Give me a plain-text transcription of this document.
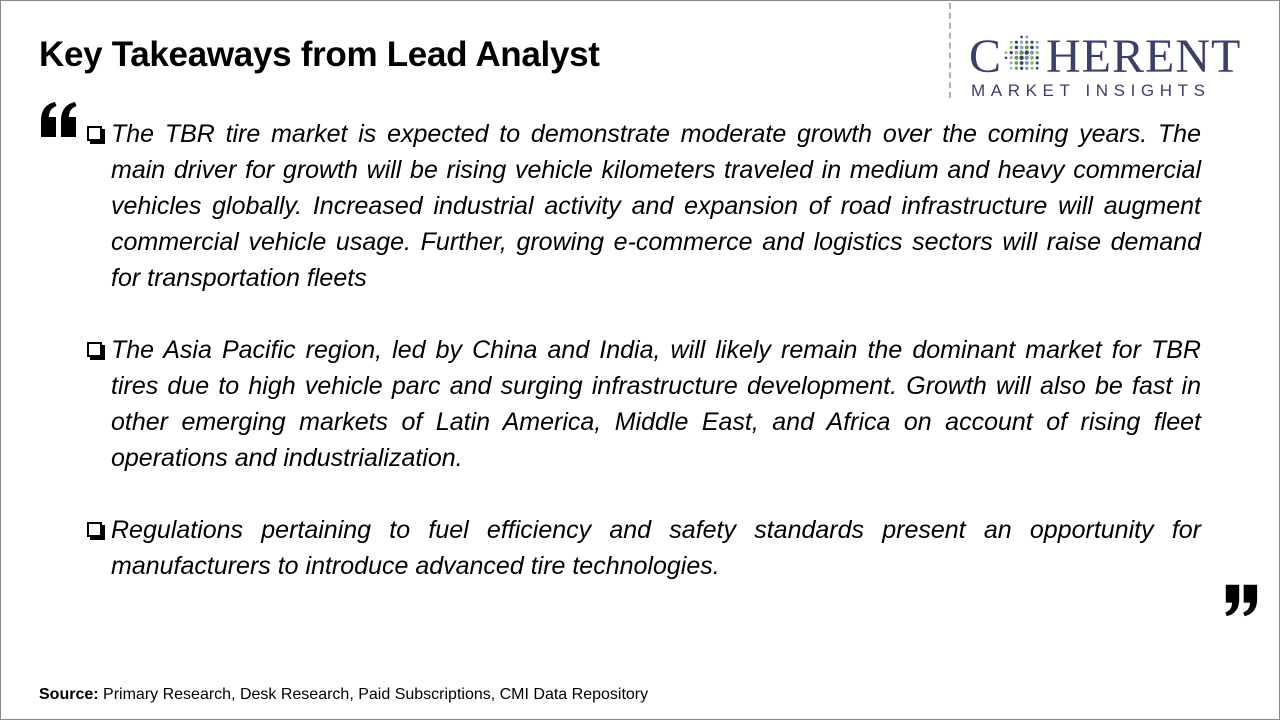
Key Takeaways from Lead Analyst	C HERENT
MARKET INSIGHTS
The TBR tire market is expected to demonstrate moderate growth over the coming years. The main driver for growth will be rising vehicle kilometers traveled in medium and heavy commercial vehicles globally. Increased industrial activity and expansion of road infrastructure will augment commercial vehicle usage. Further, growing e-commerce and logistics sectors will raise demand for transportation fleets
The Asia Pacific region, led by China and India, will likely remain the dominant market for TBR tires due to high vehicle parc and surging infrastructure development. Growth will also be fast in other emerging markets of Latin America, Middle East, and Africa on account of rising fleet operations and industrialization.
Regulations pertaining to fuel efficiency and safety standards present an opportunity for manufacturers to introduce advanced tire technologies.
Source: Primary Research, Desk Research, Paid Subscriptions, CMI Data Repository
